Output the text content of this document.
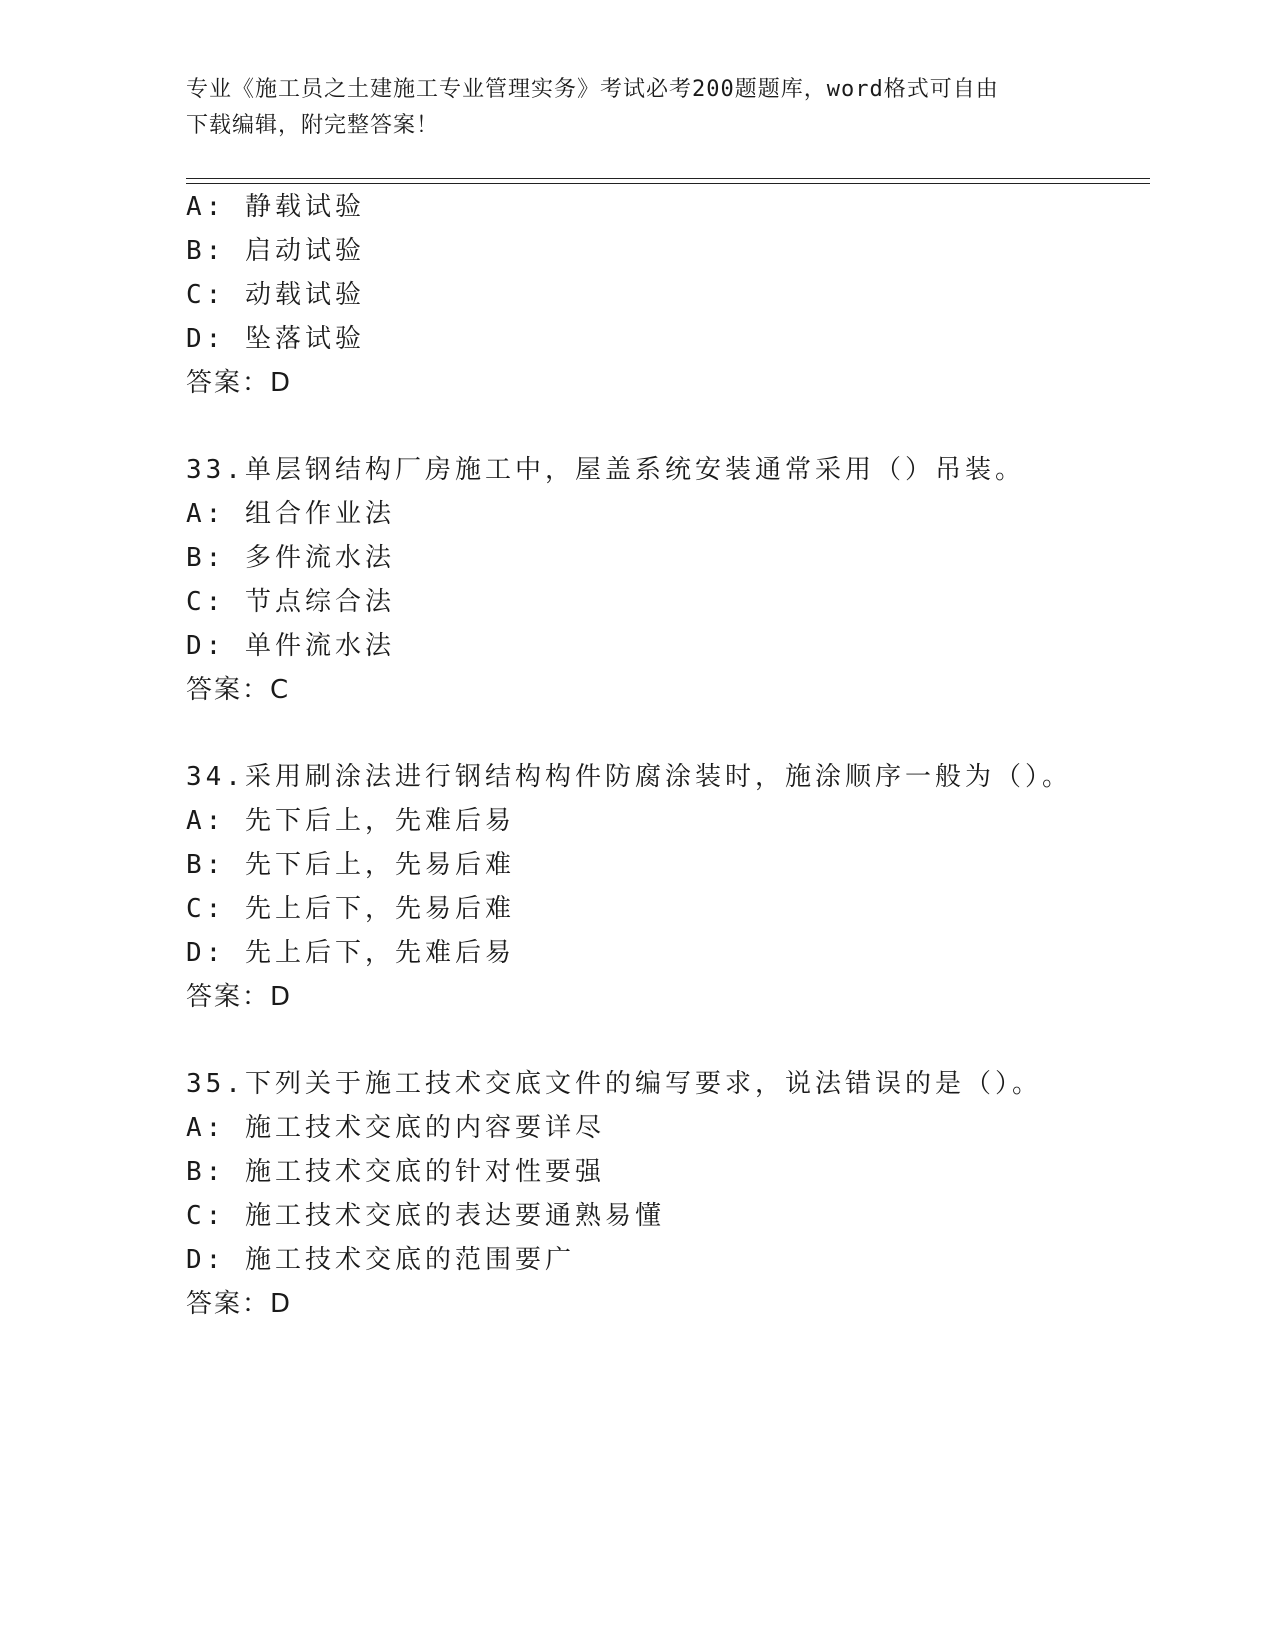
专业《施工员之土建施工专业管理实务》考试必考200题题库，word格式可自由
下载编辑，附完整答案！
A: 静载试验
B: 启动试验
C: 动载试验
D: 坠落试验
答案：D
33.单层钢结构厂房施工中，屋盖系统安装通常采用（）吊装。
A: 组合作业法
B: 多件流水法
C: 节点综合法
D: 单件流水法
答案：C
34.采用刷涂法进行钢结构构件防腐涂装时，施涂顺序一般为（）。
A: 先下后上，先难后易
B: 先下后上，先易后难
C: 先上后下，先易后难
D: 先上后下，先难后易
答案：D
35.下列关于施工技术交底文件的编写要求，说法错误的是（）。
A: 施工技术交底的内容要详尽
B: 施工技术交底的针对性要强
C: 施工技术交底的表达要通熟易懂
D: 施工技术交底的范围要广
答案：D
